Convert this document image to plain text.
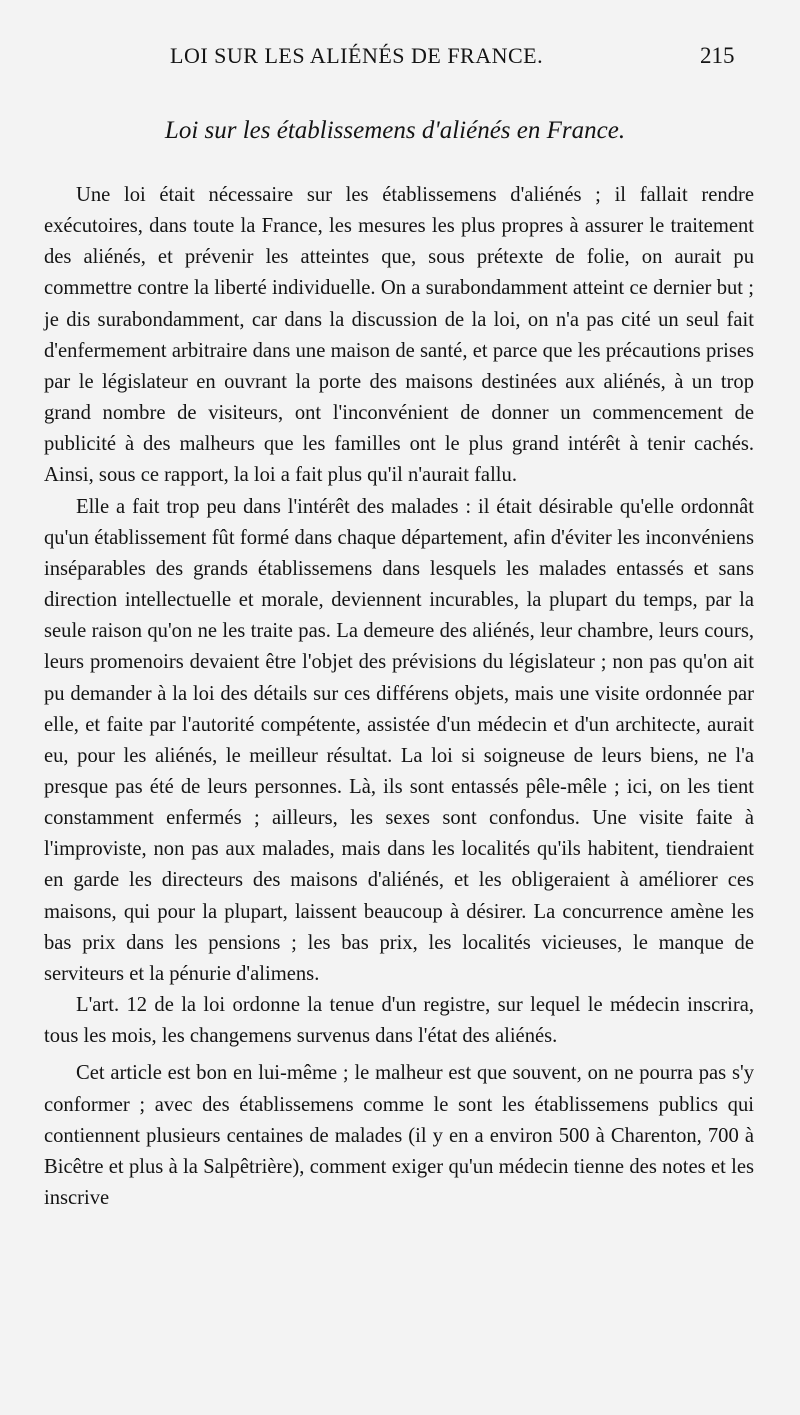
LOI SUR LES ALIÉNÉS DE FRANCE.	215
Loi sur les établissemens d'aliénés en France.

Une loi était nécessaire sur les établissemens d'aliénés ; il fallait rendre exécutoires, dans toute la France, les mesures les plus propres à assurer le traitement des aliénés, et prévenir les atteintes que, sous prétexte de folie, on aurait pu commettre contre la liberté individuelle. On a surabondamment atteint ce dernier but ; je dis surabondamment, car dans la discussion de la loi, on n'a pas cité un seul fait d'enfermement arbitraire dans une maison de santé, et parce que les précautions prises par le législateur en ouvrant la porte des maisons destinées aux aliénés, à un trop grand nombre de visiteurs, ont l'inconvénient de donner un commencement de publicité à des malheurs que les familles ont le plus grand intérêt à tenir cachés. Ainsi, sous ce rapport, la loi a fait plus qu'il n'aurait fallu.

Elle a fait trop peu dans l'intérêt des malades : il était désirable qu'elle ordonnât qu'un établissement fût formé dans chaque département, afin d'éviter les inconvéniens inséparables des grands établissemens dans lesquels les malades entassés et sans direction intellectuelle et morale, deviennent incurables, la plupart du temps, par la seule raison qu'on ne les traite pas. La demeure des aliénés, leur chambre, leurs cours, leurs promenoirs devaient être l'objet des prévisions du législateur ; non pas qu'on ait pu demander à la loi des détails sur ces différens objets, mais une visite ordonnée par elle, et faite par l'autorité compétente, assistée d'un médecin et d'un architecte, aurait eu, pour les aliénés, le meilleur résultat. La loi si soigneuse de leurs biens, ne l'a presque pas été de leurs personnes. Là, ils sont entassés pêle-mêle ; ici, on les tient constamment enfermés ; ailleurs, les sexes sont confondus. Une visite faite à l'improviste, non pas aux malades, mais dans les localités qu'ils habitent, tiendraient en garde les directeurs des maisons d'aliénés, et les obligeraient à améliorer ces maisons, qui pour la plupart, laissent beaucoup à désirer. La concurrence amène les bas prix dans les pensions ; les bas prix, les localités vicieuses, le manque de serviteurs et la pénurie d'alimens.

L'art. 12 de la loi ordonne la tenue d'un registre, sur lequel le médecin inscrira, tous les mois, les changemens survenus dans l'état des aliénés.

Cet article est bon en lui-même ; le malheur est que souvent, on ne pourra pas s'y conformer ; avec des établissemens comme le sont les établissemens publics qui contiennent plusieurs centaines de malades (il y en a environ 500 à Charenton, 700 à Bicêtre et plus à la Salpêtrière), comment exiger qu'un médecin tienne des notes et les inscrive
